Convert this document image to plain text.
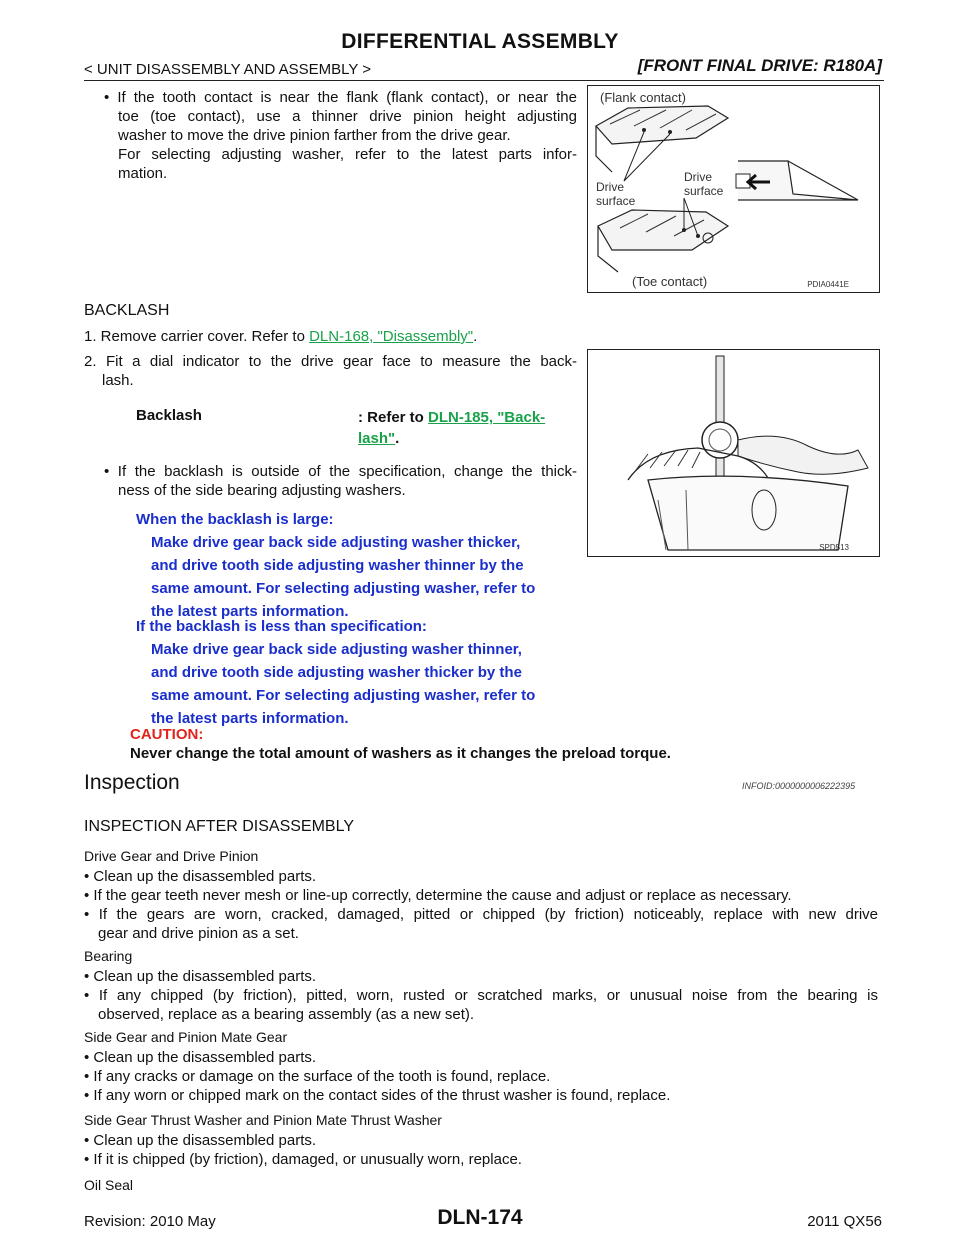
DIFFERENTIAL ASSEMBLY
< UNIT DISASSEMBLY AND ASSEMBLY >	[FRONT FINAL DRIVE: R180A]
• If the tooth contact is near the flank (flank contact), or near the
toe (toe contact), use a thinner drive pinion height adjusting
washer to move the drive pinion farther from the drive gear.
For selecting adjusting washer, refer to the latest parts infor-
mation.
(Flank contact)
Drive
surface
Drive
surface
(Toe contact)	PDIA0441E
BACKLASH
1. Remove carrier cover. Refer to DLN-168, "Disassembly".
2. Fit a dial indicator to the drive gear face to measure the back-
lash.
Backlash	: Refer to DLN-185, "Back-
lash".
• If the backlash is outside of the specification, change the thick-
ness of the side bearing adjusting washers.
When the backlash is large:
Make drive gear back side adjusting washer thicker,
and drive tooth side adjusting washer thinner by the
same amount. For selecting adjusting washer, refer to
the latest parts information.
If the backlash is less than specification:
Make drive gear back side adjusting washer thinner,
and drive tooth side adjusting washer thicker by the
same amount. For selecting adjusting washer, refer to
the latest parts information.
CAUTION:
Never change the total amount of washers as it changes the preload torque.
SPD513
Inspection	INFOID:0000000006222395
INSPECTION AFTER DISASSEMBLY
Drive Gear and Drive Pinion
• Clean up the disassembled parts.
• If the gear teeth never mesh or line-up correctly, determine the cause and adjust or replace as necessary.
• If the gears are worn, cracked, damaged, pitted or chipped (by friction) noticeably, replace with new drive
gear and drive pinion as a set.
Bearing
• Clean up the disassembled parts.
• If any chipped (by friction), pitted, worn, rusted or scratched marks, or unusual noise from the bearing is
observed, replace as a bearing assembly (as a new set).
Side Gear and Pinion Mate Gear
• Clean up the disassembled parts.
• If any cracks or damage on the surface of the tooth is found, replace.
• If any worn or chipped mark on the contact sides of the thrust washer is found, replace.
Side Gear Thrust Washer and Pinion Mate Thrust Washer
• Clean up the disassembled parts.
• If it is chipped (by friction), damaged, or unusually worn, replace.
Oil Seal
Revision: 2010 May	DLN-174	2011 QX56
